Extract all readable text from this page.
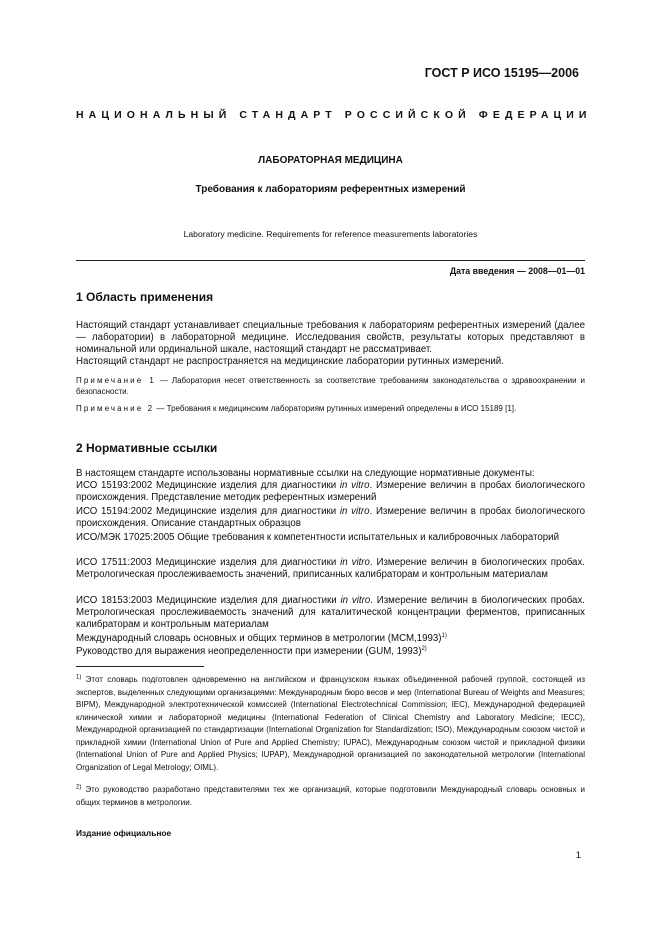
ГОСТ Р ИСО 15195—2006
НАЦИОНАЛЬНЫЙ СТАНДАРТ РОССИЙСКОЙ ФЕДЕРАЦИИ
ЛАБОРАТОРНАЯ МЕДИЦИНА
Требования к лабораториям референтных измерений
Laboratory medicine. Requirements for reference measurements laboratories
Дата введения — 2008—01—01
1 Область применения
Настоящий стандарт устанавливает специальные требования к лабораториям референтных измерений (далее — лаборатории) в лабораторной медицине. Исследования свойств, результаты которых представляют в номинальной или ординальной шкале, настоящий стандарт не рассматривает.
Настоящий стандарт не распространяется на медицинские лаборатории рутинных измерений.
Примечание 1 — Лаборатория несет ответственность за соответствие требованиям законодательства о здравоохранении и безопасности.
Примечание 2 — Требования к медицинским лабораториям рутинных измерений определены в ИСО 15189 [1].
2 Нормативные ссылки
В настоящем стандарте использованы нормативные ссылки на следующие нормативные документы:
ИСО 15193:2002 Медицинские изделия для диагностики in vitro. Измерение величин в пробах биологического происхождения. Представление методик референтных измерений
ИСО 15194:2002 Медицинские изделия для диагностики in vitro. Измерение величин в пробах биологического происхождения. Описание стандартных образцов
ИСО/МЭК 17025:2005 Общие требования к компетентности испытательных и калибровочных лабораторий
ИСО 17511:2003 Медицинские изделия для диагностики in vitro. Измерение величин в биологических пробах. Метрологическая прослеживаемость значений, приписанных калибраторам и контрольным материалам
ИСО 18153:2003 Медицинские изделия для диагностики in vitro. Измерение величин в биологических пробах. Метрологическая прослеживаемость значений для каталитической концентрации ферментов, приписанных калибраторам и контрольным материалам
Международный словарь основных и общих терминов в метрологии $(МСМ,1993)^{1)}$
Руководство для выражения неопределенности при измерении (GUM, 1993)$^{2)}$
$^{1)}$ Этот словарь подготовлен одновременно на английском и французском языках объединенной рабочей группой, состоящей из экспертов, выделенных следующими организациями: Международным бюро весов и мер (International Bureau of Weights and Measures; BIPM), Международной электротехнической комиссией (International Electrotechnical Commission; IEC), Международной федерацией клинической химии и лабораторной медицины (International Federation of Clinical Chemistry and Laboratory Medicine; IECC), Международной организацией по стандартизации (International Organization for Standardization; ISO), Международным союзом чистой и прикладной химии (International Union of Pure and Applied Chemistry; IUPAC), Международным союзом чистой и прикладной физики (International Union of Pure and Applied Physics; IUPAP), Международной организацией по законодательной метрологии (International Organization of Legal Metrology; OIML).
$^{2)}$ Это руководство разработано представителями тех же организаций, которые подготовили Международный словарь основных и общих терминов в метрологии.
Издание официальное
1
